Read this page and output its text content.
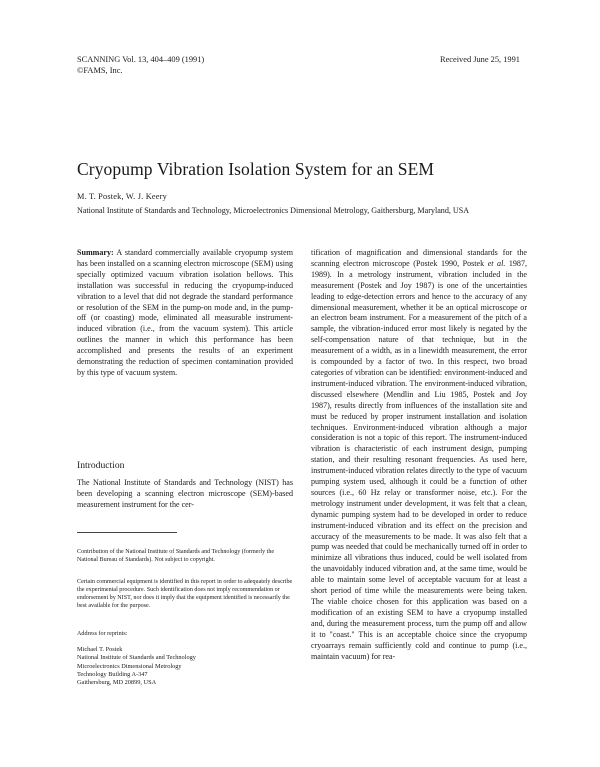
SCANNING Vol. 13, 404–409 (1991)
©FAMS, Inc.
Received June 25, 1991
Cryopump Vibration Isolation System for an SEM
M. T. Postek, W. J. Keery
National Institute of Standards and Technology, Microelectronics Dimensional Metrology, Gaithersburg, Maryland, USA
Summary: A standard commercially available cryopump system has been installed on a scanning electron microscope (SEM) using specially optimized vacuum vibration isolation bellows. This installation was successful in reducing the cryopump-induced vibration to a level that did not degrade the standard performance or resolution of the SEM in the pump-on mode and, in the pump-off (or coasting) mode, eliminated all measurable instrument-induced vibration (i.e., from the vacuum system). This article outlines the manner in which this performance has been accomplished and presents the results of an experiment demonstrating the reduction of specimen contamination provided by this type of vacuum system.
Introduction
The National Institute of Standards and Technology (NIST) has been developing a scanning electron microscope (SEM)-based measurement instrument for the cer-
Contribution of the National Institute of Standards and Technology (formerly the National Bureau of Standards). Not subject to copyright.
Certain commercial equipment is identified in this report in order to adequately describe the experimental procedure. Such identification does not imply recommendation or endorsement by NIST, nor does it imply that the equipment identified is necessarily the best available for the purpose.
Address for reprints:
Michael T. Postek
National Institute of Standards and Technology
Microelectronics Dimensional Metrology
Technology Building A-347
Gaithersburg, MD 20899, USA
tification of magnification and dimensional standards for the scanning electron microscope (Postek 1990, Postek et al. 1987, 1989). In a metrology instrument, vibration included in the measurement (Postek and Joy 1987) is one of the uncertainties leading to edge-detection errors and hence to the accuracy of any dimensional measurement, whether it be an optical microscope or an electron beam instrument. For a measurement of the pitch of a sample, the vibration-induced error most likely is negated by the self-compensation nature of that technique, but in the measurement of a width, as in a linewidth measurement, the error is compounded by a factor of two. In this respect, two broad categories of vibration can be identified: environment-induced and instrument-induced vibration. The environment-induced vibration, discussed elsewhere (Mendlin and Liu 1985, Postek and Joy 1987), results directly from influences of the installation site and must be reduced by proper instrument installation and isolation techniques. Environment-induced vibration although a major consideration is not a topic of this report. The instrument-induced vibration is characteristic of each instrument design, pumping station, and their resulting resonant frequencies. As used here, instrument-induced vibration relates directly to the type of vacuum pumping system used, although it could be a function of other sources (i.e., 60 Hz relay or transformer noise, etc.). For the metrology instrument under development, it was felt that a clean, dynamic pumping system had to be developed in order to reduce instrument-induced vibration and its effect on the precision and accuracy of the measurements to be made. It was also felt that a pump was needed that could be mechanically turned off in order to minimize all vibrations thus induced, could be well isolated from the unavoidably induced vibration and, at the same time, would be able to maintain some level of acceptable vacuum for at least a short period of time while the measurements were being taken. The viable choice chosen for this application was based on a modification of an existing SEM to have a cryopump installed and, during the measurement process, turn the pump off and allow it to "coast." This is an acceptable choice since the cryopump cryoarrays remain sufficiently cold and continue to pump (i.e., maintain vacuum) for rea-
